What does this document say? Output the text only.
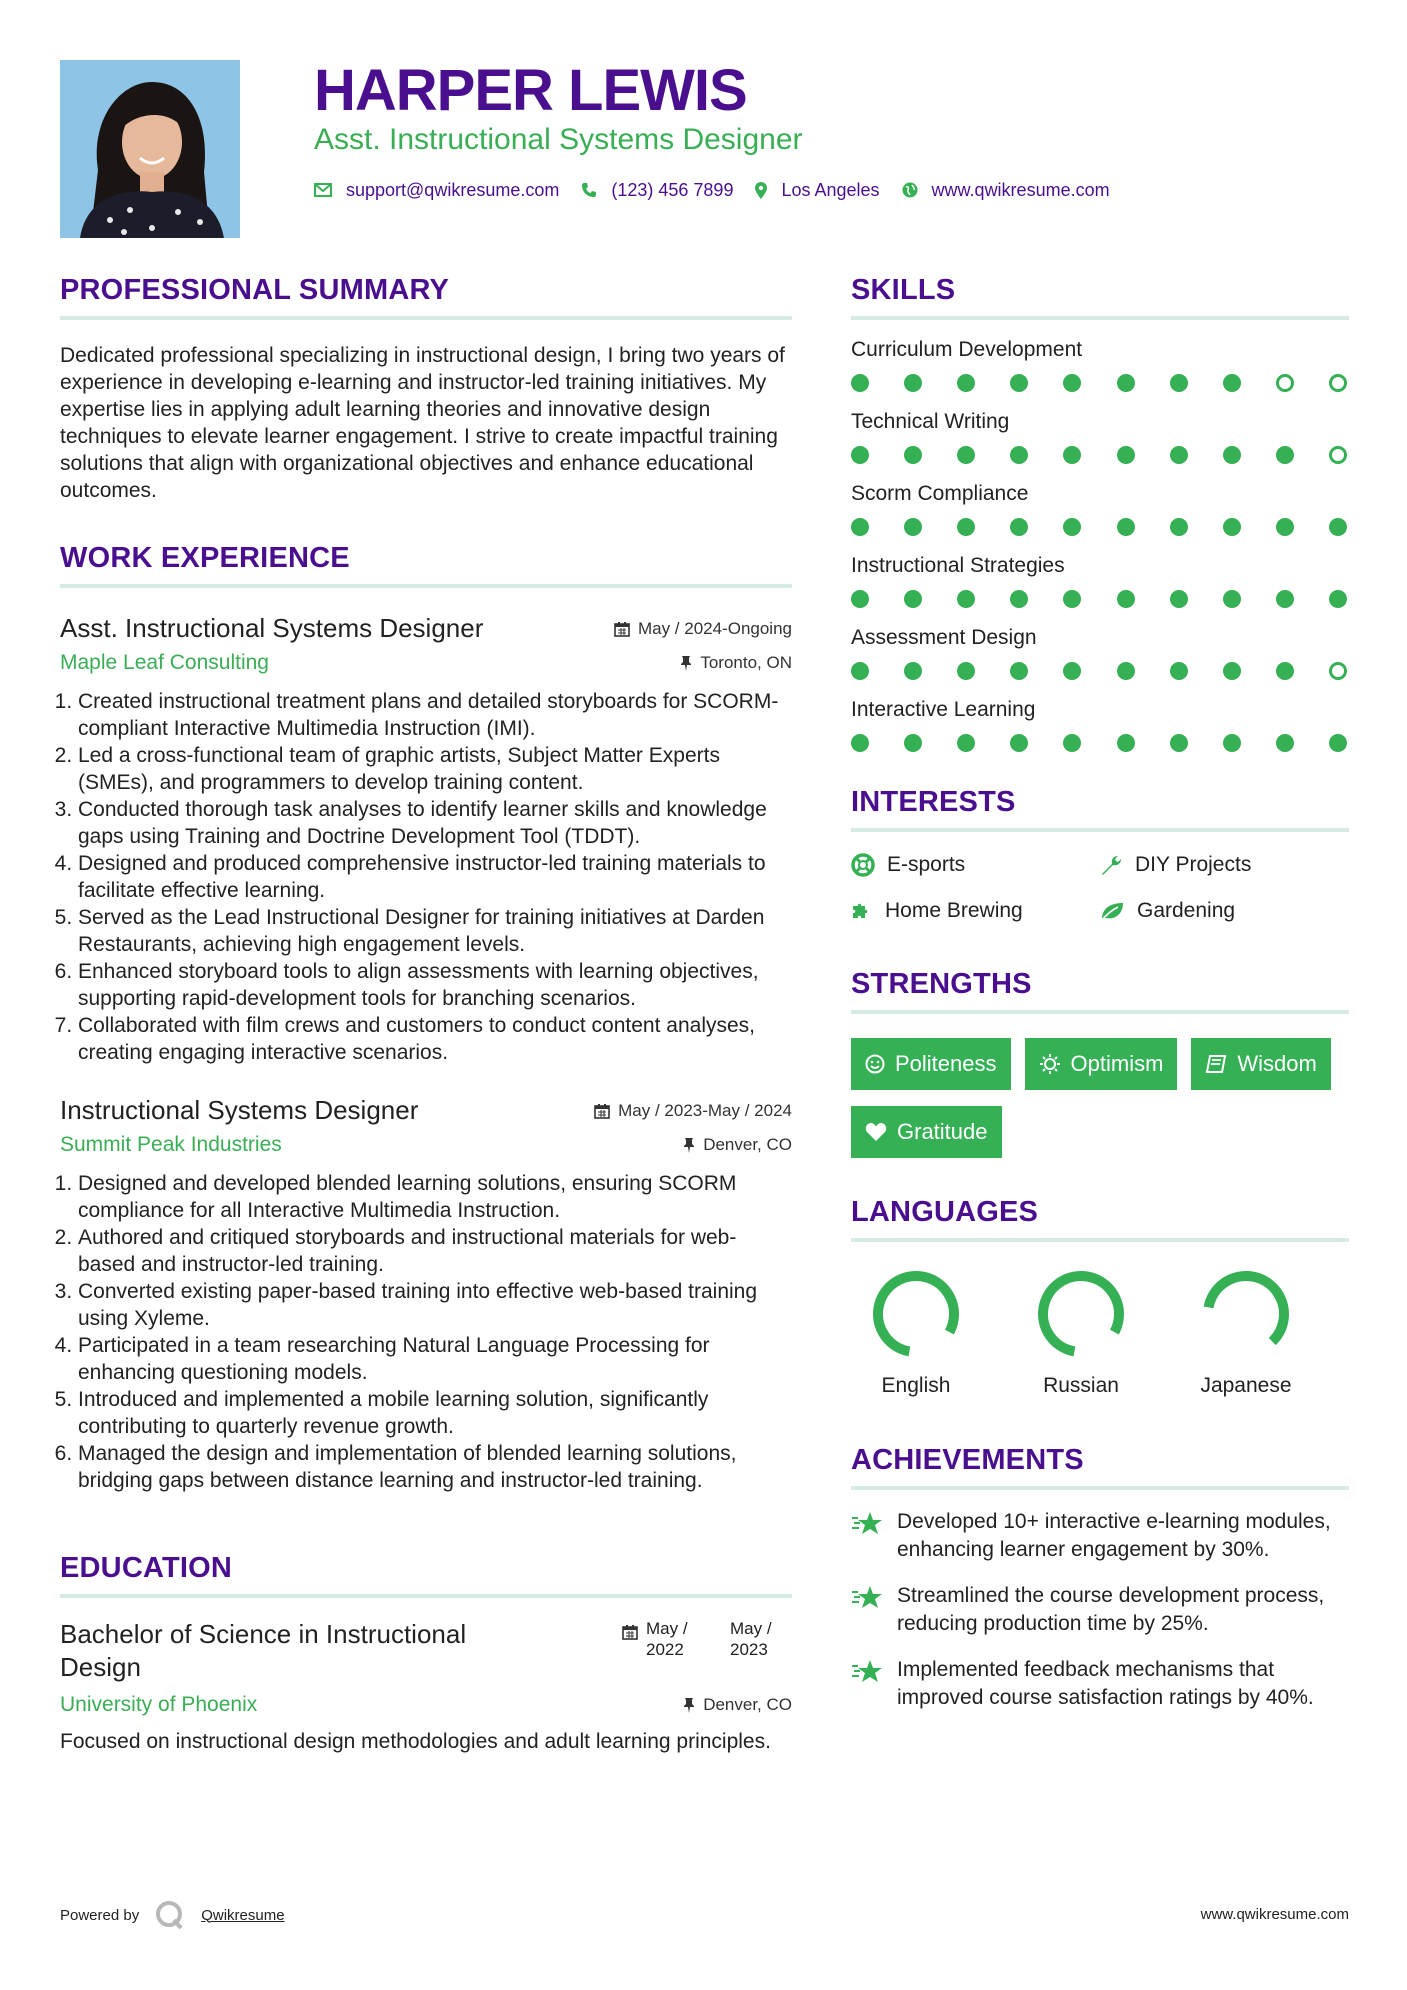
HARPER LEWIS
Asst. Instructional Systems Designer
support@qwikresume.com	(123) 456 7899	Los Angeles	www.qwikresume.com
PROFESSIONAL SUMMARY

Dedicated professional specializing in instructional design, I bring two years of experience in developing e-learning and instructor-led training initiatives. My expertise lies in applying adult learning theories and innovative design techniques to elevate learner engagement. I strive to create impactful training solutions that align with organizational objectives and enhance educational outcomes.

WORK EXPERIENCE
Asst. Instructional Systems Designer	May / 2024-Ongoing
Maple Leaf Consulting	Toronto, ON
1. Created instructional treatment plans and detailed storyboards for SCORM-compliant Interactive Multimedia Instruction (IMI).
2. Led a cross-functional team of graphic artists, Subject Matter Experts (SMEs), and programmers to develop training content.
3. Conducted thorough task analyses to identify learner skills and knowledge gaps using Training and Doctrine Development Tool (TDDT).
4. Designed and produced comprehensive instructor-led training materials to facilitate effective learning.
5. Served as the Lead Instructional Designer for training initiatives at Darden Restaurants, achieving high engagement levels.
6. Enhanced storyboard tools to align assessments with learning objectives, supporting rapid-development tools for branching scenarios.
7. Collaborated with film crews and customers to conduct content analyses, creating engaging interactive scenarios.
Instructional Systems Designer	May / 2023-May / 2024
Summit Peak Industries	Denver, CO
1. Designed and developed blended learning solutions, ensuring SCORM compliance for all Interactive Multimedia Instruction.
2. Authored and critiqued storyboards and instructional materials for web-based and instructor-led training.
3. Converted existing paper-based training into effective web-based training using Xyleme.
4. Participated in a team researching Natural Language Processing for enhancing questioning models.
5. Introduced and implemented a mobile learning solution, significantly contributing to quarterly revenue growth.
6. Managed the design and implementation of blended learning solutions, bridging gaps between distance learning and instructor-led training.
EDUCATION
Bachelor of Science in Instructional Design
May / 2022
May / 2023
University of Phoenix	Denver, CO
Focused on instructional design methodologies and adult learning principles.
SKILLS
Curriculum Development
Technical Writing
Scorm Compliance
Instructional Strategies
Assessment Design
Interactive Learning
INTERESTS
E-sports	DIY Projects
Home Brewing	Gardening
STRENGTHS
Politeness	Optimism	Wisdom
Gratitude
LANGUAGES
English	Russian	Japanese
ACHIEVEMENTS
Developed 10+ interactive e-learning modules, enhancing learner engagement by 30%.
Streamlined the course development process, reducing production time by 25%.
Implemented feedback mechanisms that improved course satisfaction ratings by 40%.
Powered by	Qwikresume	www.qwikresume.com
